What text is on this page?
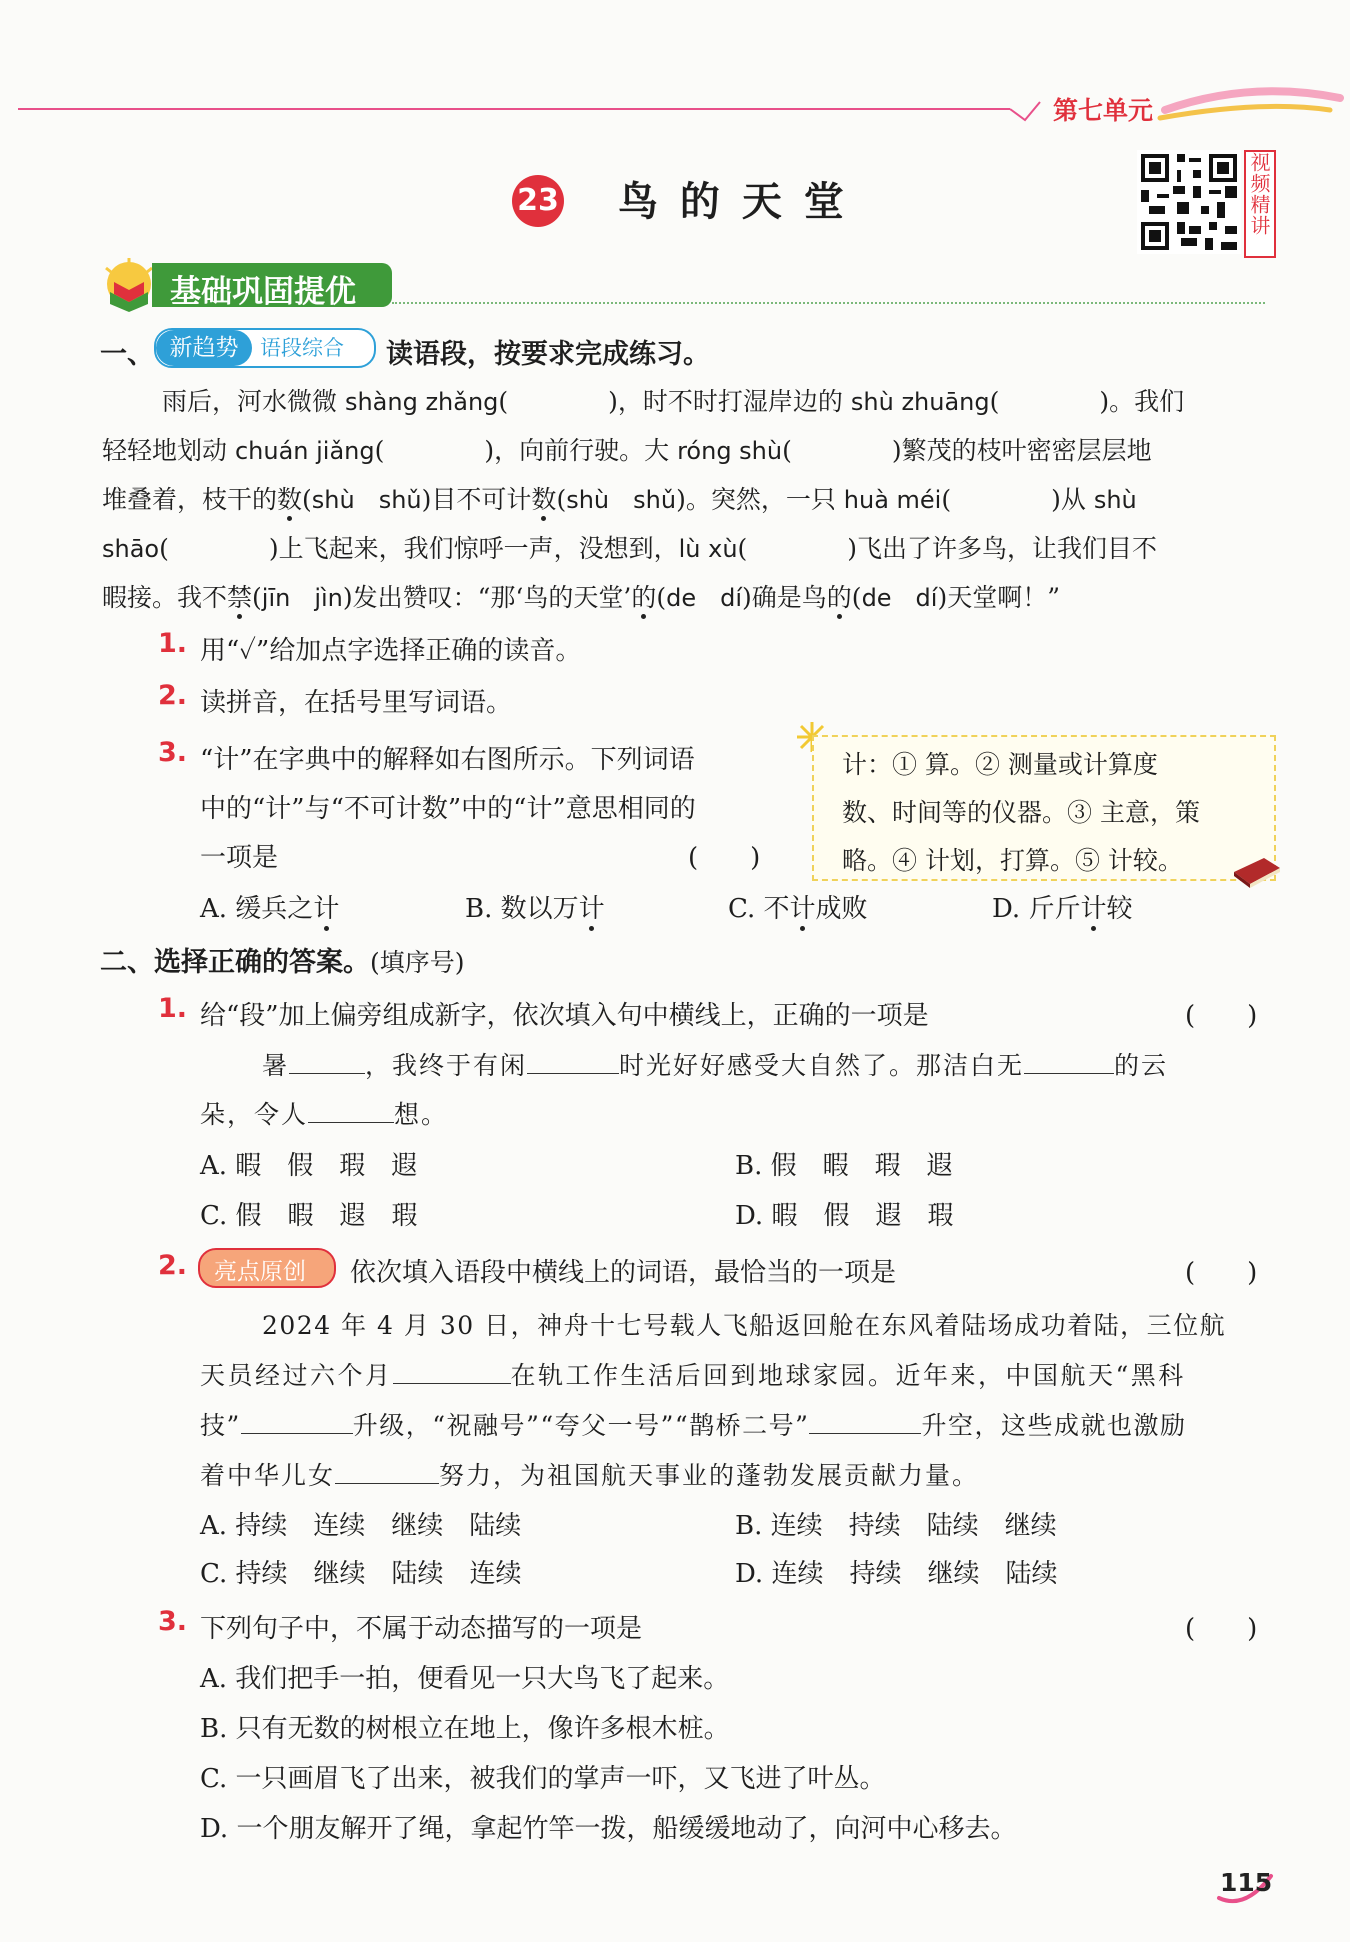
第七单元
23 鸟 的 天 堂	视频精讲
基础巩固提优
一、 新趋势	语段综合 读语段，按要求完成练习。
雨后，河水微微 shàng zhǎng(　　　　)，时不时打湿岸边的 shù zhuāng(　　　　)。我们
轻轻地划动 chuán jiǎng(　　　　)，向前行驶。大 róng shù(　　　　)繁茂的枝叶密密层层地
堆叠着，枝干的数(shù　shǔ)目不可计数(shù　shǔ)。突然，一只 huà méi(　　　　)从 shù
shāo(　　　　)上飞起来，我们惊呼一声，没想到，lù xù(　　　　)飞出了许多鸟，让我们目不
暇接。我不禁(jīn　jìn)发出赞叹：“那‘鸟的天堂’的(de　dí)确是鸟的(de　dí)天堂啊！”
1. 用“✓”给加点字选择正确的读音。
2. 读拼音，在括号里写词语。
3. “计”在字典中的解释如右图所示。下列词语
中的“计”与“不可计数”中的“计”意思相同的
一项是	(　　)
计：① 算。② 测量或计算度
数、时间等的仪器。③ 主意，策
略。④ 计划，打算。⑤ 计较。
A. 缓兵之计	B. 数以万计	C. 不计成败	D. 斤斤计较
二、选择正确的答案。(填序号)
1. 给“段”加上偏旁组成新字，依次填入句中横线上，正确的一项是	(　　)
暑	，我终于有闲	时光好好感受大自然了。那洁白无	的云
朵，令人	想。
A. 暇　假　瑕　遐	B. 假　暇　瑕　遐
C. 假　暇　遐　瑕	D. 暇　假　遐　瑕
2. 亮点原创 依次填入语段中横线上的词语，最恰当的一项是	(　　)
2024 年 4 月 30 日，神舟十七号载人飞船返回舱在东风着陆场成功着陆，三位航
天员经过六个月	在轨工作生活后回到地球家园。近年来，中国航天“黑科
技”	升级，“祝融号”“夸父一号”“鹊桥二号”	升空，这些成就也激励
着中华儿女	努力，为祖国航天事业的蓬勃发展贡献力量。
A. 持续　连续　继续　陆续	B. 连续　持续　陆续　继续
C. 持续　继续　陆续　连续	D. 连续　持续　继续　陆续
3. 下列句子中，不属于动态描写的一项是	(　　)
A. 我们把手一拍，便看见一只大鸟飞了起来。
B. 只有无数的树根立在地上，像许多根木桩。
C. 一只画眉飞了出来，被我们的掌声一吓，又飞进了叶丛。
D. 一个朋友解开了绳，拿起竹竿一拨，船缓缓地动了，向河中心移去。
115
